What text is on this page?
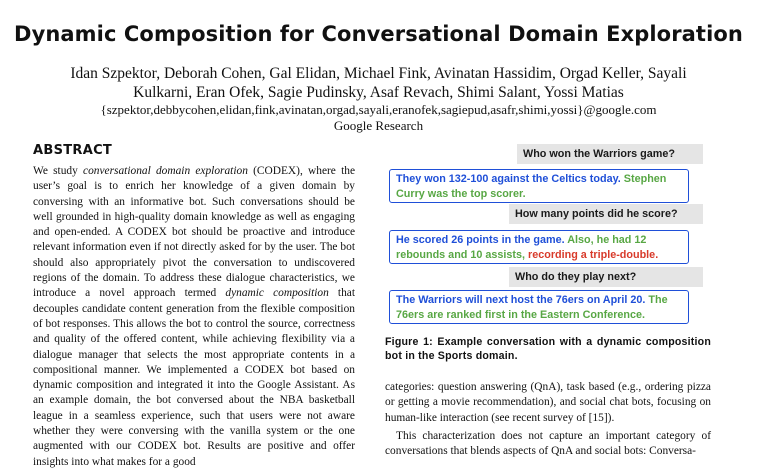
Dynamic Composition for Conversational Domain Exploration
Idan Szpektor, Deborah Cohen, Gal Elidan, Michael Fink, Avinatan Hassidim, Orgad Keller, Sayali Kulkarni, Eran Ofek, Sagie Pudinsky, Asaf Revach, Shimi Salant, Yossi Matias
{szpektor,debbycohen,elidan,fink,avinatan,orgad,sayali,eranofek,sagiepud,asafr,shimi,yossi}@google.com
Google Research
ABSTRACT
We study conversational domain exploration (CODEX), where the user’s goal is to enrich her knowledge of a given domain by conversing with an informative bot. Such conversations should be well grounded in high-quality domain knowledge as well as engaging and open-ended. A CODEX bot should be proactive and introduce relevant information even if not directly asked for by the user. The bot should also appropriately pivot the conversation to undiscovered regions of the domain. To address these dialogue characteristics, we introduce a novel approach termed dynamic composition that decouples candidate content generation from the flexible composition of bot responses. This allows the bot to control the source, correctness and quality of the offered content, while achieving flexibility via a dialogue manager that selects the most appropriate contents in a compositional manner. We implemented a CODEX bot based on dynamic composition and integrated it into the Google Assistant. As an example domain, the bot conversed about the NBA basketball league in a seamless experience, such that users were not aware whether they were conversing with the vanilla system or the one augmented with our CODEX bot. Results are positive and offer insights into what makes for a good
Who won the Warriors game?
They won 132-100 against the Celtics today. Stephen Curry was the top scorer.
How many points did he score?
He scored 26 points in the game. Also, he had 12 rebounds and 10 assists, recording a triple-double.
Who do they play next?
The Warriors will next host the 76ers on April 20. The 76ers are ranked first in the Eastern Conference.
Figure 1: Example conversation with a dynamic composition bot in the Sports domain.

categories: question answering (QnA), task based (e.g., ordering pizza or getting a movie recommendation), and social chat bots, focusing on human-like interaction (see recent survey of [15]).

This characterization does not capture an important category of conversations that blends aspects of QnA and social bots: Conversa-
